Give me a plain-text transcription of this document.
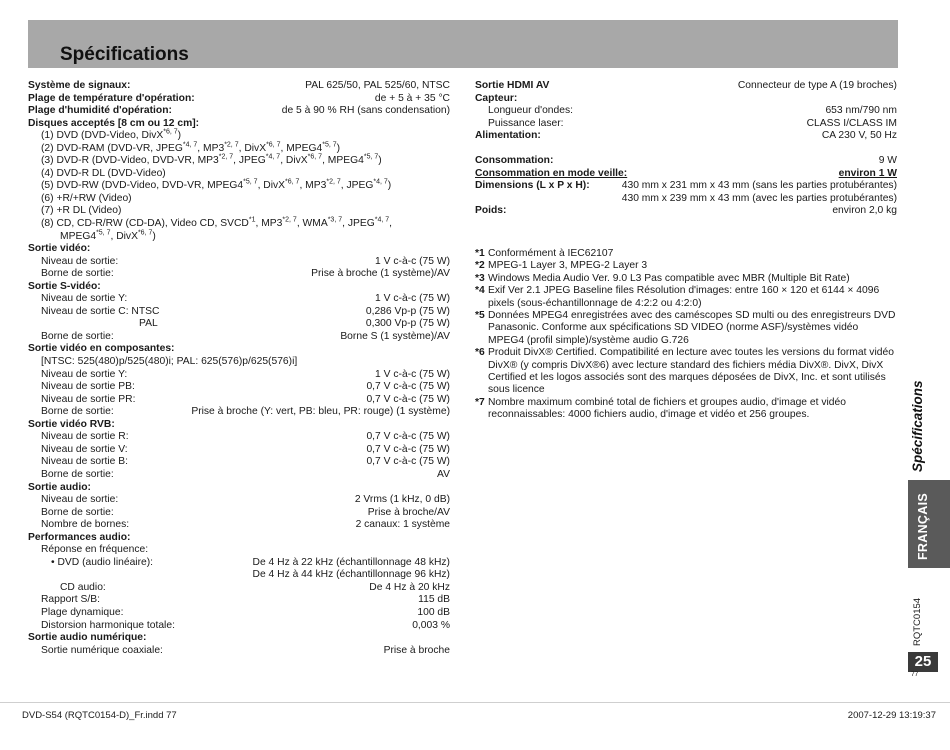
Spécifications
Système de signaux:	PAL 625/50, PAL 525/60, NTSC
Plage de température d'opération:	de + 5 à + 35 °C
Plage d'humidité d'opération:	de 5 à 90 % RH (sans condensation)
Disques acceptés [8 cm ou 12 cm]:
(1) DVD (DVD-Video, DivX$^{*6, 7}$)
(2) DVD-RAM (DVD-VR, JPEG$^{*4, 7}$, MP3$^{*2, 7}$, DivX$^{*6, 7}$, MPEG4$^{*5, 7}$)
(3) DVD-R (DVD-Video, DVD-VR, MP3$^{*2, 7}$, JPEG$^{*4, 7}$, DivX$^{*6, 7}$, MPEG4$^{*5, 7}$)
(4) DVD-R DL (DVD-Video)
(5) DVD-RW (DVD-Video, DVD-VR, MPEG4$^{*5, 7}$, DivX$^{*6, 7}$, MP3$^{*2, 7}$, JPEG$^{*4, 7}$)
(6) +R/+RW (Video)
(7) +R DL (Video)
(8) CD, CD-R/RW (CD-DA), Video CD, SVCD$^{*1}$, MP3$^{*2, 7}$, WMA$^{*3, 7}$, JPEG$^{*4, 7}$,
MPEG4$^{*5, 7}$, DivX$^{*6, 7}$)
Sortie vidéo:
Niveau de sortie:	1 V c-à-c (75 W)
Borne de sortie:	Prise à broche (1 système)/AV
Sortie S-vidéo:
Niveau de sortie Y:	1 V c-à-c (75 W)
Niveau de sortie C: NTSC	0,286 Vp-p (75 W)
PAL	0,300 Vp-p (75 W)
Borne de sortie:	Borne S (1 système)/AV
Sortie vidéo en composantes:
[NTSC: 525(480)p/525(480)i; PAL: 625(576)p/625(576)i]
Niveau de sortie Y:	1 V c-à-c (75 W)
Niveau de sortie PB:	0,7 V c-à-c (75 W)
Niveau de sortie PR:	0,7 V c-à-c (75 W)
Borne de sortie:	Prise à broche (Y: vert, PB: bleu, PR: rouge) (1 système)
Sortie vidéo RVB:
Niveau de sortie R:	0,7 V c-à-c (75 W)
Niveau de sortie V:	0,7 V c-à-c (75 W)
Niveau de sortie B:	0,7 V c-à-c (75 W)
Borne de sortie:	AV
Sortie audio:
Niveau de sortie:	2 Vrms (1 kHz, 0 dB)
Borne de sortie:	Prise à broche/AV
Nombre de bornes:	2 canaux: 1 système
Performances audio:
Réponse en fréquence:
• DVD (audio linéaire):	De 4 Hz à 22 kHz (échantillonnage 48 kHz)
De 4 Hz à 44 kHz (échantillonnage 96 kHz)
CD audio:	De 4 Hz à 20 kHz
Rapport S/B:	115 dB
Plage dynamique:	100 dB
Distorsion harmonique totale:	0,003 %
Sortie audio numérique:
Sortie numérique coaxiale:	Prise à broche
Sortie HDMI AV	Connecteur de type A (19 broches)
Capteur:
Longueur d'ondes:	653 nm/790 nm
Puissance laser:	CLASS I/CLASS IM
Alimentation:	CA 230 V, 50 Hz
Consommation:	9 W
Consommation en mode veille:	environ 1 W
Dimensions (L x P x H):	430 mm x 231 mm x 43 mm (sans les parties protubérantes)
430 mm x 239 mm x 43 mm (avec les parties protubérantes)
Poids:	environ 2,0 kg
*1 Conformément à IEC62107
*2 MPEG-1 Layer 3, MPEG-2 Layer 3
*3 Windows Media Audio Ver. 9.0 L3 Pas compatible avec MBR (Multiple Bit Rate)
*4 Exif Ver 2.1 JPEG Baseline files Résolution d'images: entre 160 × 120 et 6144 × 4096 pixels (sous-échantillonnage de 4:2:2 ou 4:2:0)
*5 Données MPEG4 enregistrées avec des caméscopes SD multi ou des enregistreurs DVD Panasonic. Conforme aux spécifications SD VIDEO (norme ASF)/systèmes vidéo MPEG4 (profil simple)/système audio G.726
*6 Produit DivX® Certified. Compatibilité en lecture avec toutes les versions du format vidéo DivX® (y compris DivX®6) avec lecture standard des fichiers média DivX®. DivX, DivX Certified et les logos associés sont des marques déposées de DivX, Inc. et sont utilisés sous licence
*7 Nombre maximum combiné total de fichiers et groupes audio, d'image et vidéo reconnaissables: 4000 fichiers audio, d'image et vidéo et 256 groupes.	Spécifications
FRANÇAIS
RQTC0154
25
77
DVD-S54 (RQTC0154-D)_Fr.indd 77	2007-12-29 13:19:37
